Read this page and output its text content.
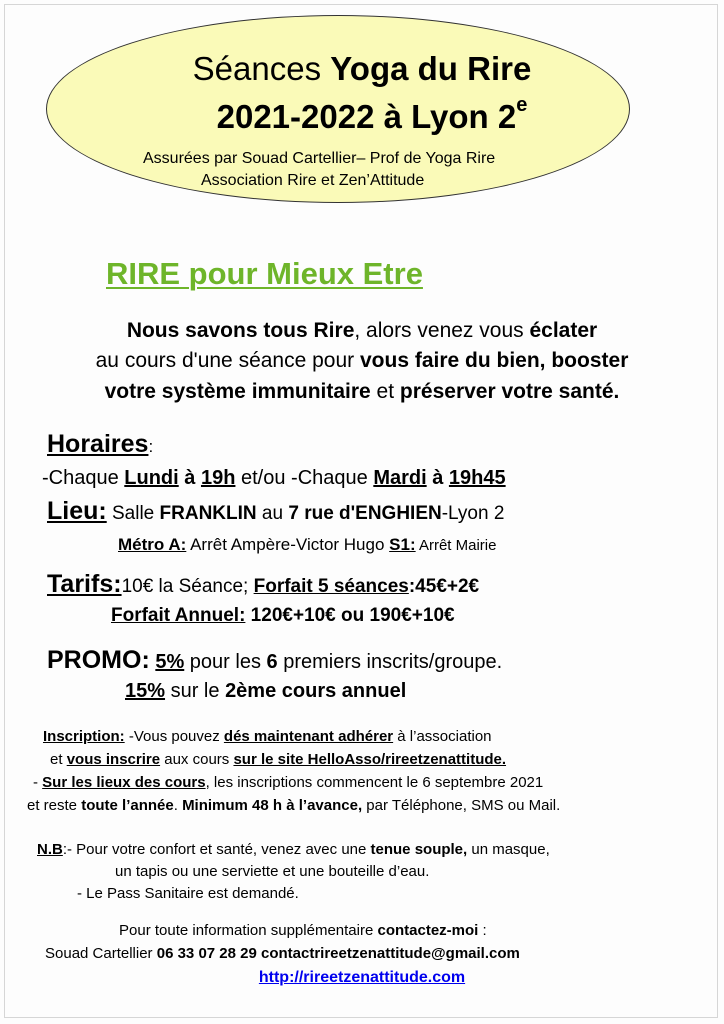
Séances Yoga du Rire
2021-2022 à Lyon 2e
Assurées par Souad Cartellier– Prof de Yoga Rire
Association Rire et Zen’Attitude
RIRE pour Mieux Etre
Nous savons tous Rire, alors venez vous éclater
au cours d'une séance pour vous faire du bien, booster
votre système immunitaire et préserver votre santé.
Horaires:
-Chaque Lundi à 19h et/ou -Chaque Mardi à 19h45
Lieu: Salle FRANKLIN au 7 rue d'ENGHIEN-Lyon 2
Métro A: Arrêt Ampère-Victor Hugo S1: Arrêt Mairie
Tarifs:10€ la Séance; Forfait 5 séances:45€+2€
Forfait Annuel: 120€+10€ ou 190€+10€
PROMO: 5% pour les 6 premiers inscrits/groupe.
15% sur le 2ème cours annuel
Inscription: -Vous pouvez dés maintenant adhérer à l’association
et vous inscrire aux cours sur le site HelloAsso/rireetzenattitude.
- Sur les lieux des cours, les inscriptions commencent le 6 septembre 2021
et reste toute l’année. Minimum 48 h à l’avance, par Téléphone, SMS ou Mail.
N.B:- Pour votre confort et santé, venez avec une tenue souple, un masque,
un tapis ou une serviette et une bouteille d’eau.
- Le Pass Sanitaire est demandé.
Pour toute information supplémentaire contactez-moi :
Souad Cartellier 06 33 07 28 29 contactrireetzenattitude@gmail.com
http://rireetzenattitude.com
